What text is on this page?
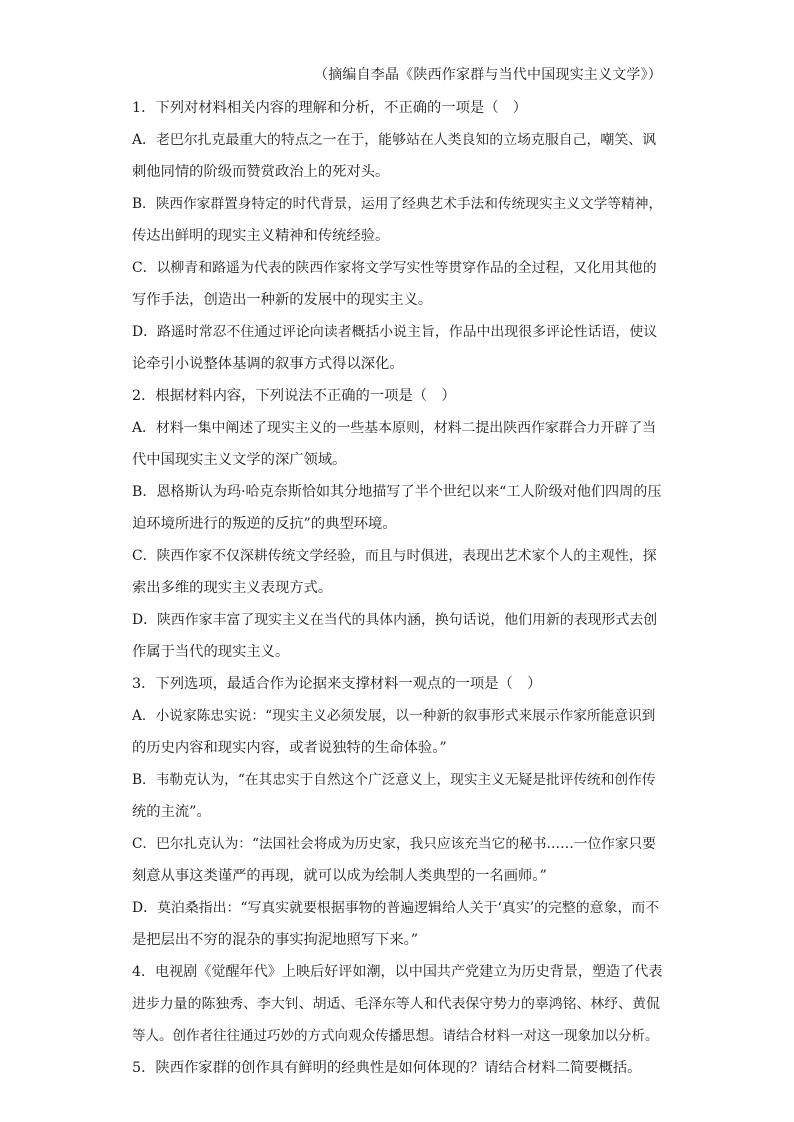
（摘编自李晶《陕西作家群与当代中国现实主义文学》）

1．下列对材料相关内容的理解和分析，不正确的一项是（　）

A．老巴尔扎克最重大的特点之一在于，能够站在人类良知的立场克服自己，嘲笑、讽

刺他同情的阶级而赞赏政治上的死对头。

B．陕西作家群置身特定的时代背景，运用了经典艺术手法和传统现实主义文学等精神，

传达出鲜明的现实主义精神和传统经验。

C．以柳青和路遥为代表的陕西作家将文学写实性等贯穿作品的全过程，又化用其他的

写作手法，创造出一种新的发展中的现实主义。

D．路遥时常忍不住通过评论向读者概括小说主旨，作品中出现很多评论性话语，使议

论牵引小说整体基调的叙事方式得以深化。

2．根据材料内容，下列说法不正确的一项是（　）

A．材料一集中阐述了现实主义的一些基本原则，材料二提出陕西作家群合力开辟了当

代中国现实主义文学的深广领域。

B．恩格斯认为玛·哈克奈斯恰如其分地描写了半个世纪以来“工人阶级对他们四周的压

迫环境所进行的叛逆的反抗”的典型环境。

C．陕西作家不仅深耕传统文学经验，而且与时俱进，表现出艺术家个人的主观性，探

索出多维的现实主义表现方式。

D．陕西作家丰富了现实主义在当代的具体内涵，换句话说，他们用新的表现形式去创

作属于当代的现实主义。

3．下列选项，最适合作为论据来支撑材料一观点的一项是（　）

A．小说家陈忠实说：“现实主义必须发展，以一种新的叙事形式来展示作家所能意识到

的历史内容和现实内容，或者说独特的生命体验。”

B．韦勒克认为，“在其忠实于自然这个广泛意义上，现实主义无疑是批评传统和创作传

统的主流”。

C．巴尔扎克认为：“法国社会将成为历史家，我只应该充当它的秘书……一位作家只要

刻意从事这类谨严的再现，就可以成为绘制人类典型的一名画师。”

D．莫泊桑指出：“写真实就要根据事物的普遍逻辑给人关于‘真实’的完整的意象，而不

是把层出不穷的混杂的事实拘泥地照写下来。”

4．电视剧《觉醒年代》上映后好评如潮，以中国共产党建立为历史背景，塑造了代表

进步力量的陈独秀、李大钊、胡适、毛泽东等人和代表保守势力的辜鸿铭、林纾、黄侃

等人。创作者往往通过巧妙的方式向观众传播思想。请结合材料一对这一现象加以分析。

5．陕西作家群的创作具有鲜明的经典性是如何体现的？请结合材料二简要概括。
